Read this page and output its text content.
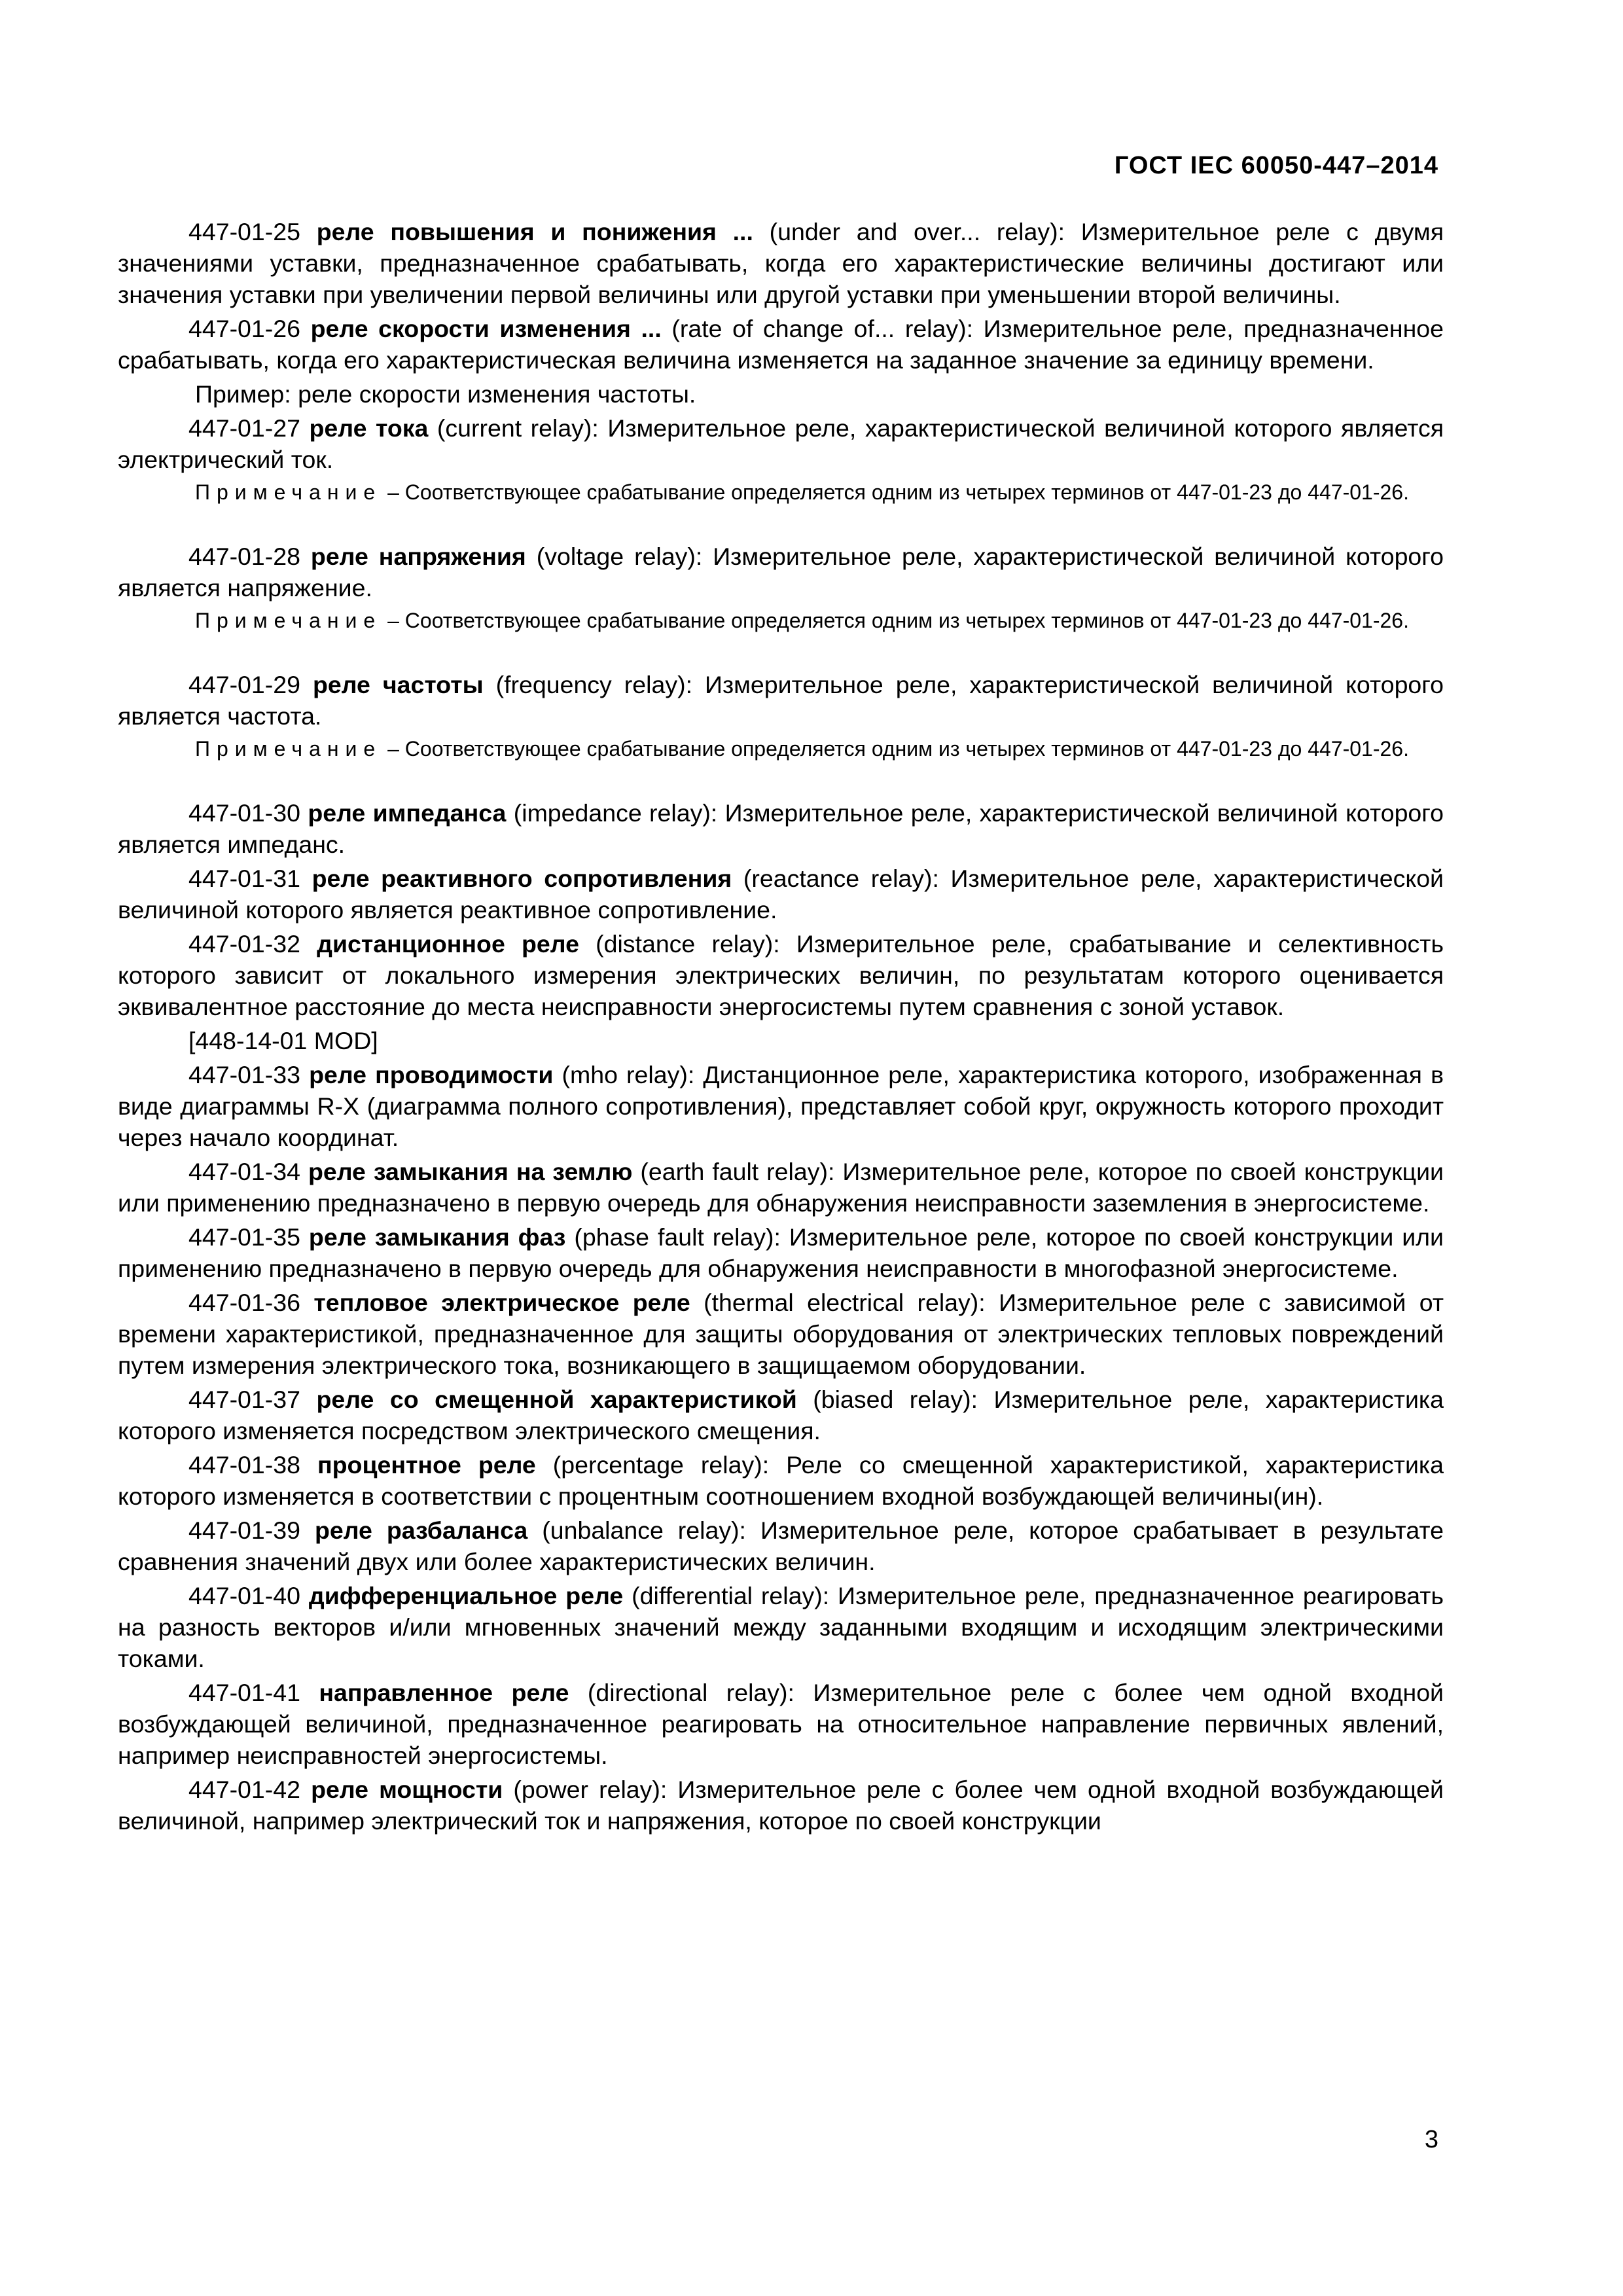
ГОСТ IEC 60050-447–2014

447-01-25 реле повышения и понижения ... (under and over... relay): Измерительное реле с двумя значениями уставки, предназначенное срабатывать, когда его характеристические величины достигают или значения уставки при увеличении первой величины или другой уставки при уменьшении второй величины.

447-01-26 реле скорости изменения ... (rate of change of... relay): Измерительное реле, предназначенное срабатывать, когда его характеристическая величина изменяется на заданное значение за единицу времени.

Пример: реле скорости изменения частоты.

447-01-27 реле тока (current relay): Измерительное реле, характеристической величиной которого является электрический ток.

Примечание – Соответствующее срабатывание определяется одним из четырех терминов от 447-01-23 до 447-01-26.

447-01-28 реле напряжения (voltage relay): Измерительное реле, характеристической величиной которого является напряжение.

Примечание – Соответствующее срабатывание определяется одним из четырех терминов от 447-01-23 до 447-01-26.

447-01-29 реле частоты (frequency relay): Измерительное реле, характеристической величиной которого является частота.

Примечание – Соответствующее срабатывание определяется одним из четырех терминов от 447-01-23 до 447-01-26.

447-01-30 реле импеданса (impedance relay): Измерительное реле, характеристической величиной которого является импеданс.

447-01-31 реле реактивного сопротивления (reactance relay): Измерительное реле, характеристической величиной которого является реактивное сопротивление.

447-01-32 дистанционное реле (distance relay): Измерительное реле, срабатывание и селективность которого зависит от локального измерения электрических величин, по результатам которого оценивается эквивалентное расстояние до места неисправности энергосистемы путем сравнения с зоной уставок.

[448-14-01 MOD]

447-01-33 реле проводимости (mho relay): Дистанционное реле, характеристика которого, изображенная в виде диаграммы R-X (диаграмма полного сопротивления), представляет собой круг, окружность которого проходит через начало координат.

447-01-34 реле замыкания на землю (earth fault relay): Измерительное реле, которое по своей конструкции или применению предназначено в первую очередь для обнаружения неисправности заземления в энергосистеме.

447-01-35 реле замыкания фаз (phase fault relay): Измерительное реле, которое по своей конструкции или применению предназначено в первую очередь для обнаружения неисправности в многофазной энергосистеме.

447-01-36 тепловое электрическое реле (thermal electrical relay): Измерительное реле с зависимой от времени характеристикой, предназначенное для защиты оборудования от электрических тепловых повреждений путем измерения электрического тока, возникающего в защищаемом оборудовании.

447-01-37 реле со смещенной характеристикой (biased relay): Измерительное реле, характеристика которого изменяется посредством электрического смещения.

447-01-38 процентное реле (percentage relay): Реле со смещенной характеристикой, характеристика которого изменяется в соответствии с процентным соотношением входной возбуждающей величины(ин).

447-01-39 реле разбаланса (unbalance relay): Измерительное реле, которое срабатывает в результате сравнения значений двух или более характеристических величин.

447-01-40 дифференциальное реле (differential relay): Измерительное реле, предназначенное реагировать на разность векторов и/или мгновенных значений между заданными входящим и исходящим электрическими токами.

447-01-41 направленное реле (directional relay): Измерительное реле с более чем одной входной возбуждающей величиной, предназначенное реагировать на относительное направление первичных явлений, например неисправностей энергосистемы.

447-01-42 реле мощности (power relay): Измерительное реле с более чем одной входной возбуждающей величиной, например электрический ток и напряжения, которое по своей конструкции

3
